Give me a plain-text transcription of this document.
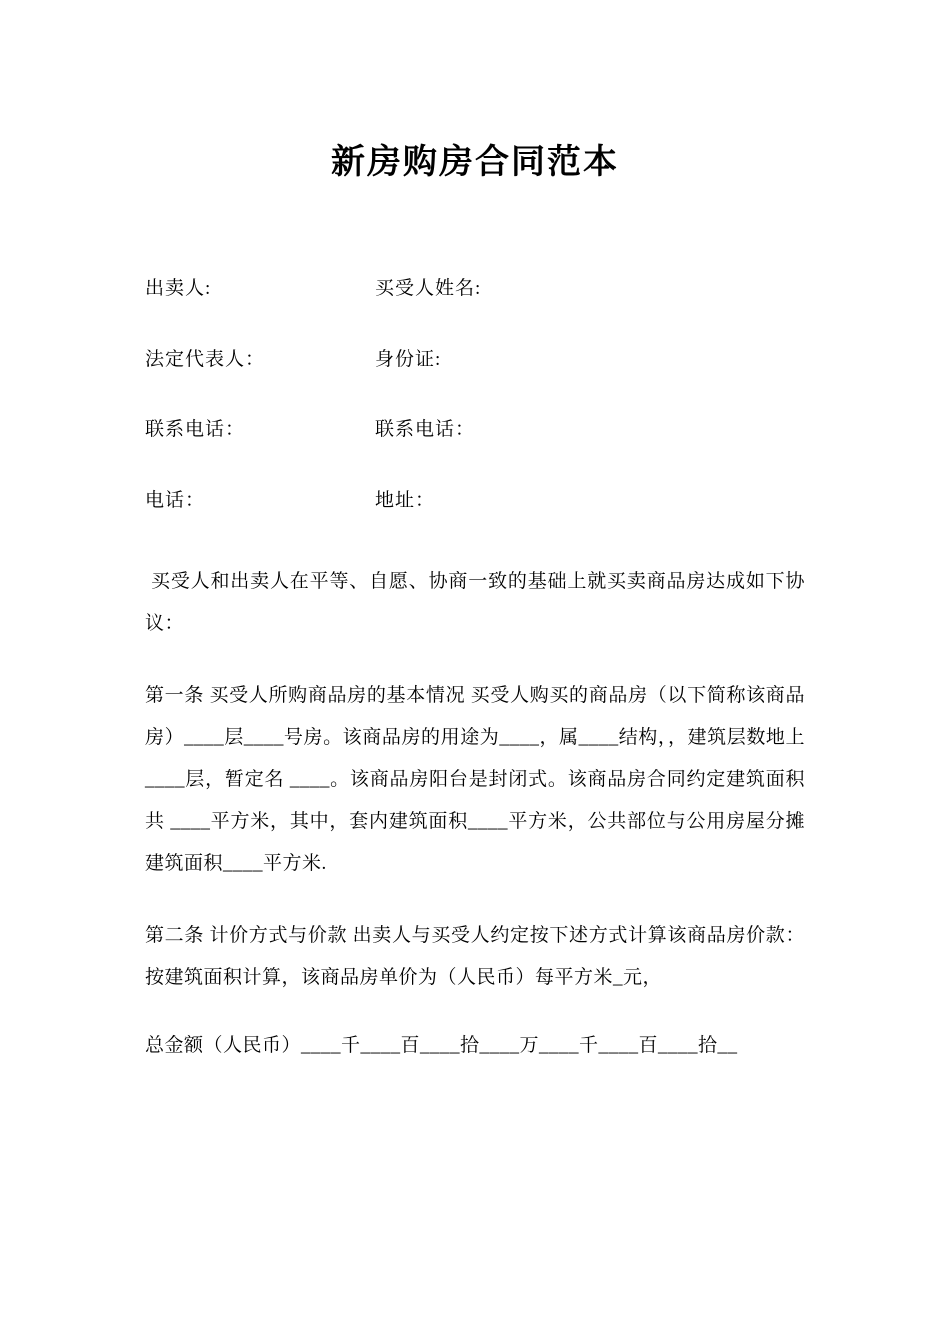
新房购房合同范本
出卖人:	买受人姓名:
法定代表人：	身份证:
联系电话：	联系电话：
电话：	地址：

买受人和出卖人在平等、自愿、协商一致的基础上就买卖商品房达成如下协议：

第一条 买受人所购商品房的基本情况 买受人购买的商品房（以下简称该商品房）____层____号房。该商品房的用途为____，属____结构，，建筑层数地上____层，暂定名 ____。该商品房阳台是封闭式。该商品房合同约定建筑面积共 ____平方米，其中，套内建筑面积____平方米，公共部位与公用房屋分摊建筑面积____平方米.

第二条 计价方式与价款 出卖人与买受人约定按下述方式计算该商品房价款： 按建筑面积计算，该商品房单价为（人民币）每平方米_元，

总金额（人民币）____千____百____拾____万____千____百____拾__
